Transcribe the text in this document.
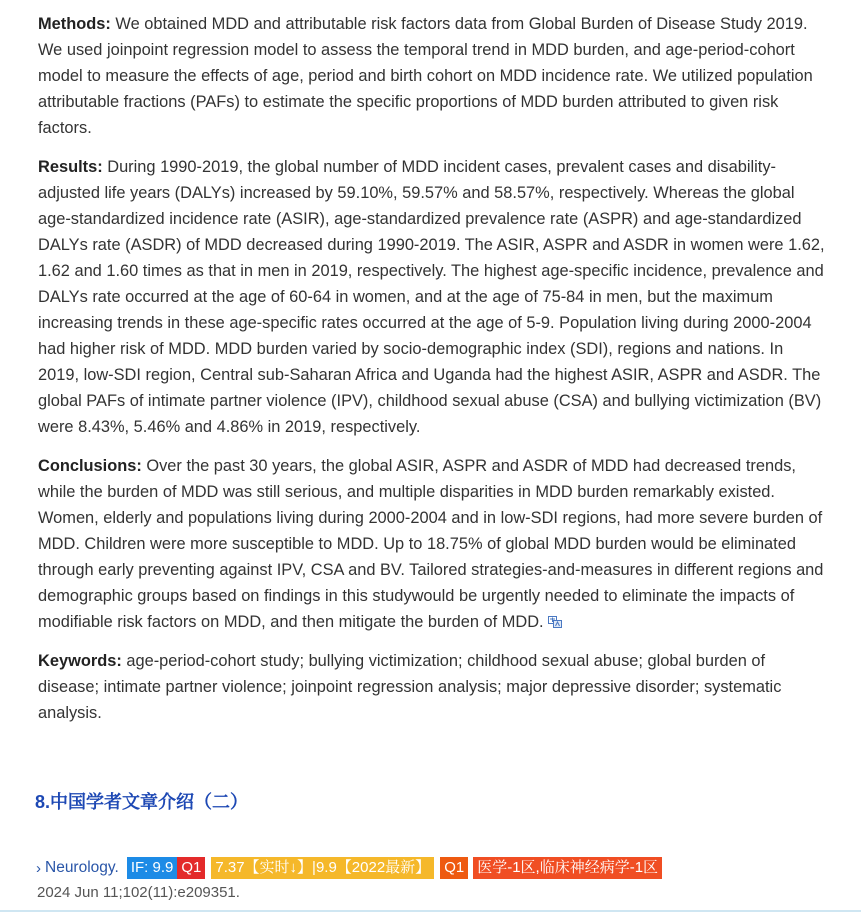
Methods: We obtained MDD and attributable risk factors data from Global Burden of Disease Study 2019. We used joinpoint regression model to assess the temporal trend in MDD burden, and age-period-cohort model to measure the effects of age, period and birth cohort on MDD incidence rate. We utilized population attributable fractions (PAFs) to estimate the specific proportions of MDD burden attributed to given risk factors.

Results: During 1990-2019, the global number of MDD incident cases, prevalent cases and disability-adjusted life years (DALYs) increased by 59.10%, 59.57% and 58.57%, respectively. Whereas the global age-standardized incidence rate (ASIR), age-standardized prevalence rate (ASPR) and age-standardized DALYs rate (ASDR) of MDD decreased during 1990-2019. The ASIR, ASPR and ASDR in women were 1.62, 1.62 and 1.60 times as that in men in 2019, respectively. The highest age-specific incidence, prevalence and DALYs rate occurred at the age of 60-64 in women, and at the age of 75-84 in men, but the maximum increasing trends in these age-specific rates occurred at the age of 5-9. Population living during 2000-2004 had higher risk of MDD. MDD burden varied by socio-demographic index (SDI), regions and nations. In 2019, low-SDI region, Central sub-Saharan Africa and Uganda had the highest ASIR, ASPR and ASDR. The global PAFs of intimate partner violence (IPV), childhood sexual abuse (CSA) and bullying victimization (BV) were 8.43%, 5.46% and 4.86% in 2019, respectively.

Conclusions: Over the past 30 years, the global ASIR, ASPR and ASDR of MDD had decreased trends, while the burden of MDD was still serious, and multiple disparities in MDD burden remarkably existed. Women, elderly and populations living during 2000-2004 and in low-SDI regions, had more severe burden of MDD. Children were more susceptible to MDD. Up to 18.75% of global MDD burden would be eliminated through early preventing against IPV, CSA and BV. Tailored strategies-and-measures in different regions and demographic groups based on findings in this studywould be urgently needed to eliminate the impacts of modifiable risk factors on MDD, and then mitigate the burden of MDD.

Keywords: age-period-cohort study; bullying victimization; childhood sexual abuse; global burden of disease; intimate partner violence; joinpoint regression analysis; major depressive disorder; systematic analysis.

8.中国学者文章介绍（二）
› Neurology. IF: 9.9 Q1 7.37【实时↓】|9.9【2022最新】 Q1 医学-1区,临床神经病学-1区
2024 Jun 11;102(11):e209351.
